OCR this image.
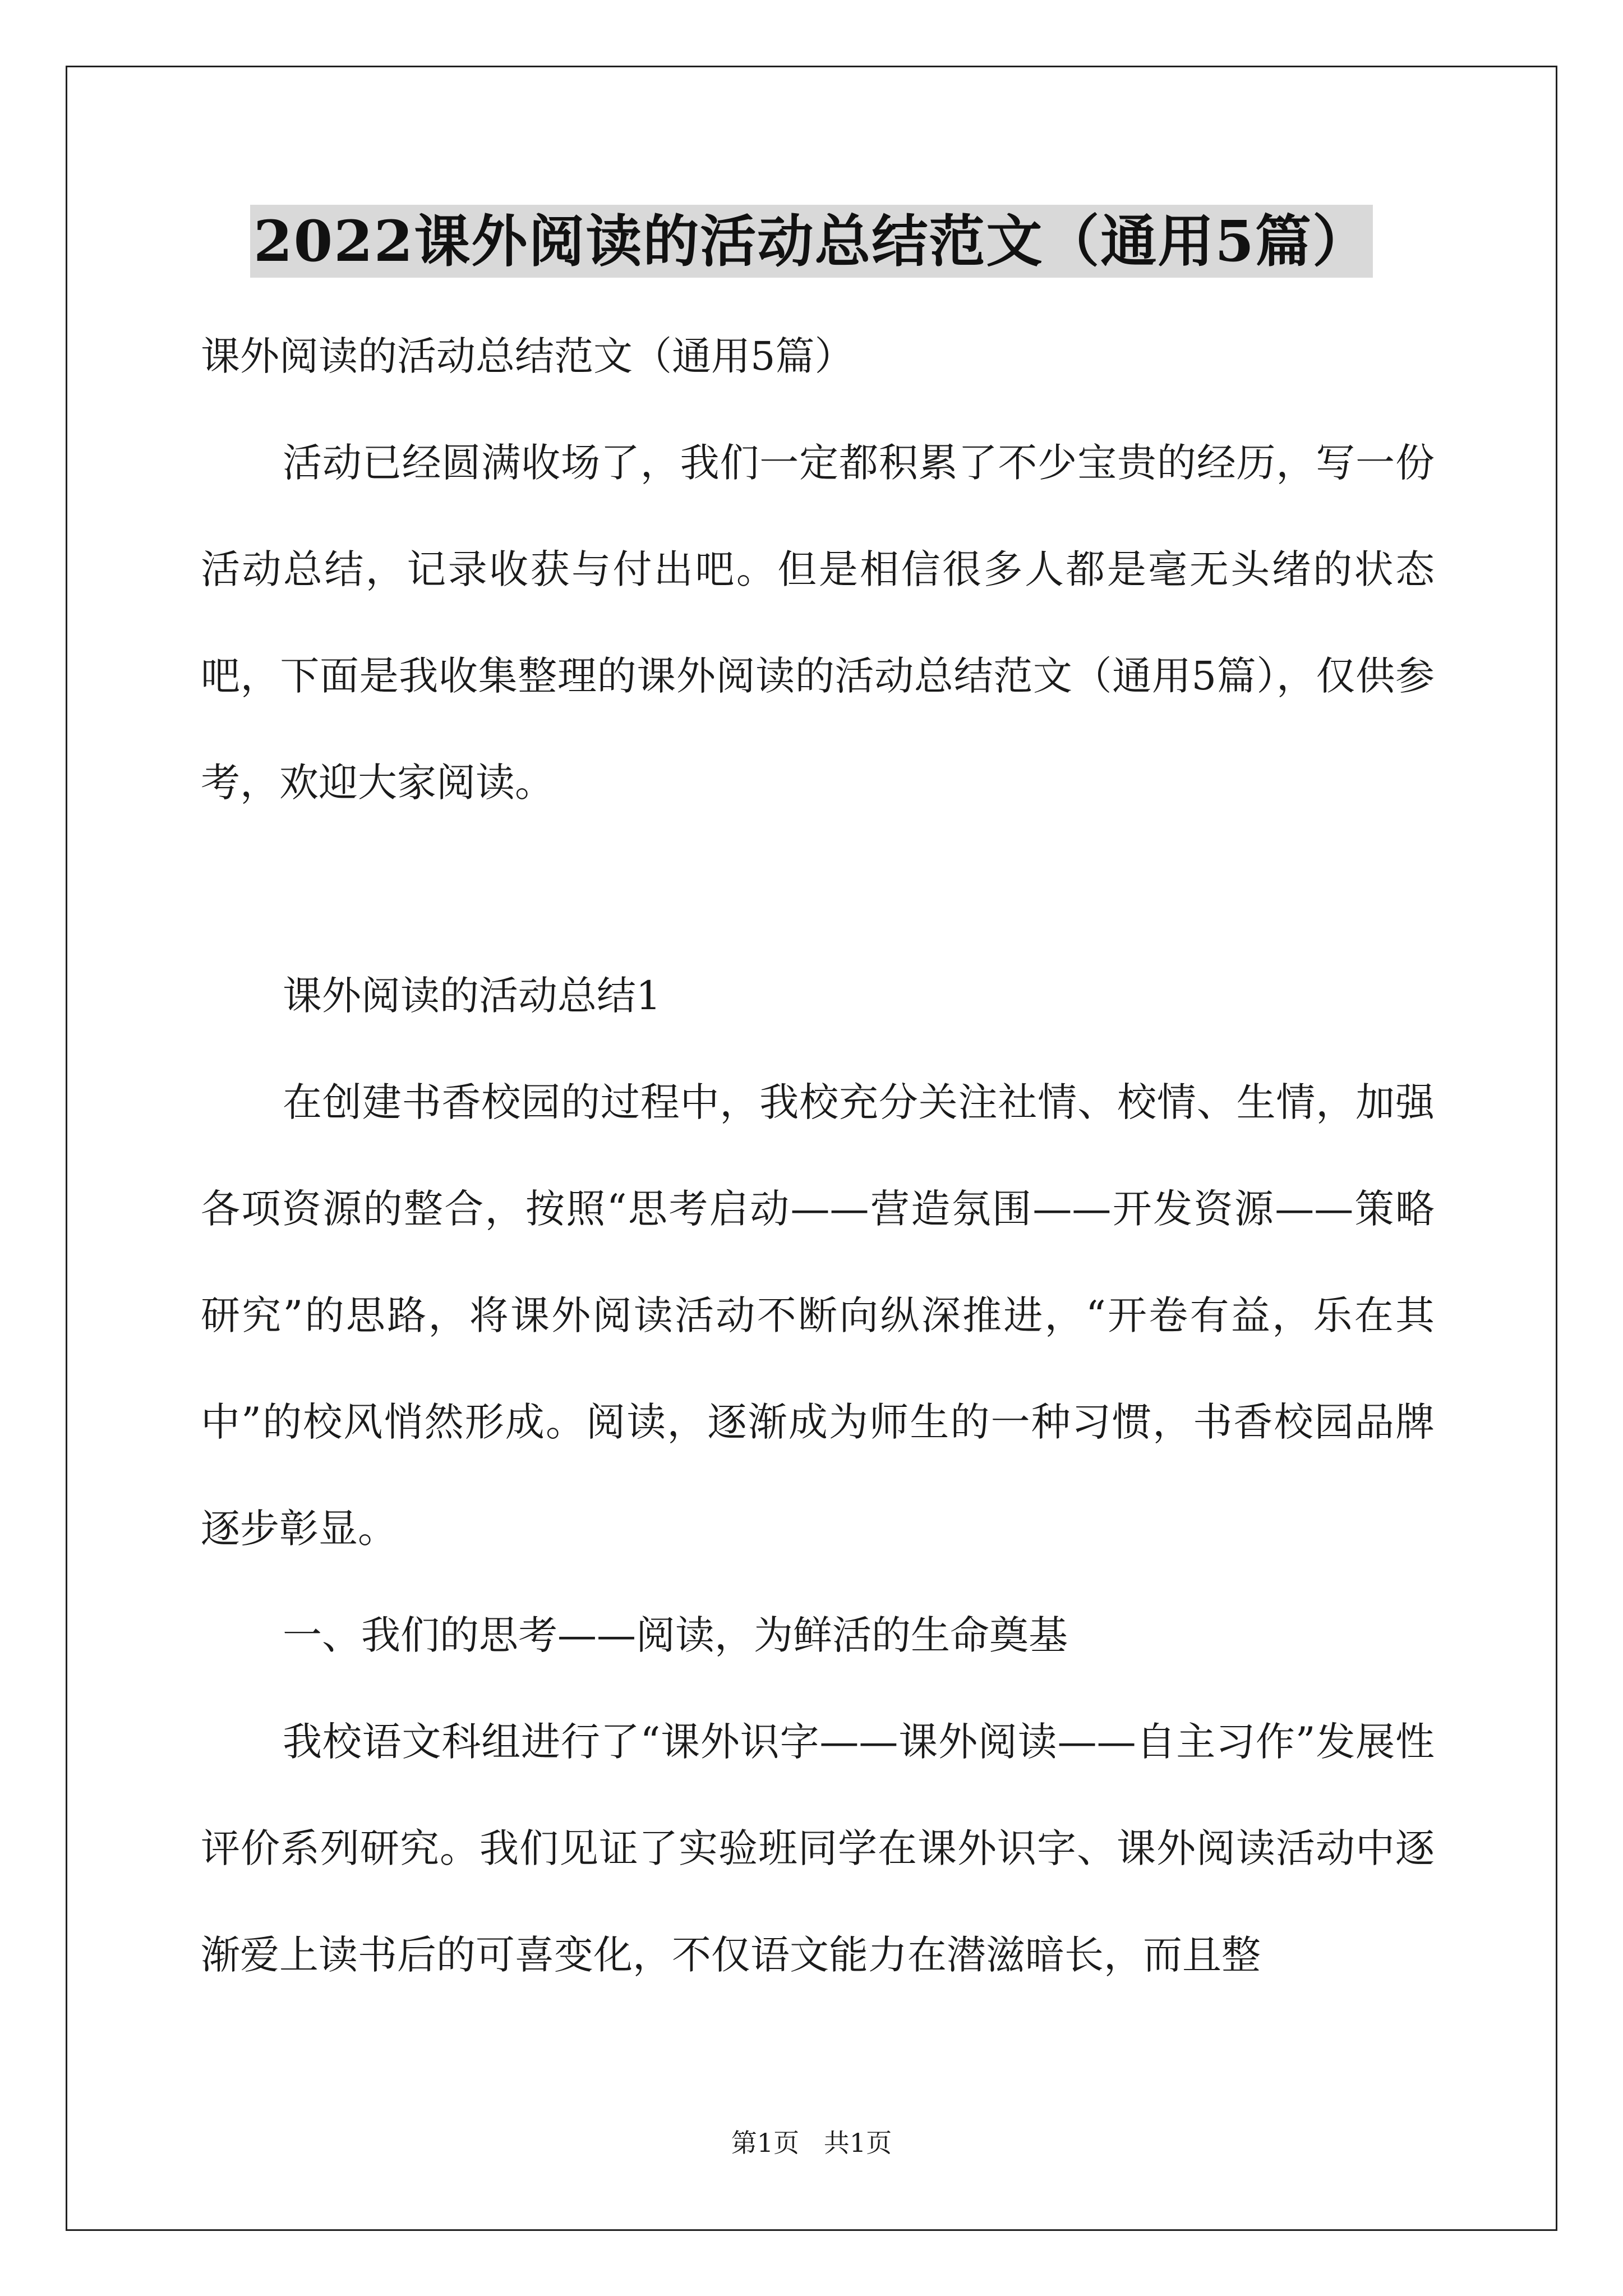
2022课外阅读的活动总结范文（通用5篇）

课外阅读的活动总结范文（通用5篇）

活动已经圆满收场了，我们一定都积累了不少宝贵的经历，写一份活动总结，记录收获与付出吧。但是相信很多人都是毫无头绪的状态吧，下面是我收集整理的课外阅读的活动总结范文（通用5篇），仅供参考，欢迎大家阅读。

课外阅读的活动总结1

在创建书香校园的过程中，我校充分关注社情、校情、生情，加强各项资源的整合，按照“思考启动——营造氛围——开发资源——策略研究”的思路，将课外阅读活动不断向纵深推进，“开卷有益，乐在其中”的校风悄然形成。阅读，逐渐成为师生的一种习惯，书香校园品牌逐步彰显。

一、我们的思考——阅读，为鲜活的生命奠基

我校语文科组进行了“课外识字——课外阅读——自主习作”发展性评价系列研究。我们见证了实验班同学在课外识字、课外阅读活动中逐渐爱上读书后的可喜变化，不仅语文能力在潜滋暗长，而且整

第1页   共1页
